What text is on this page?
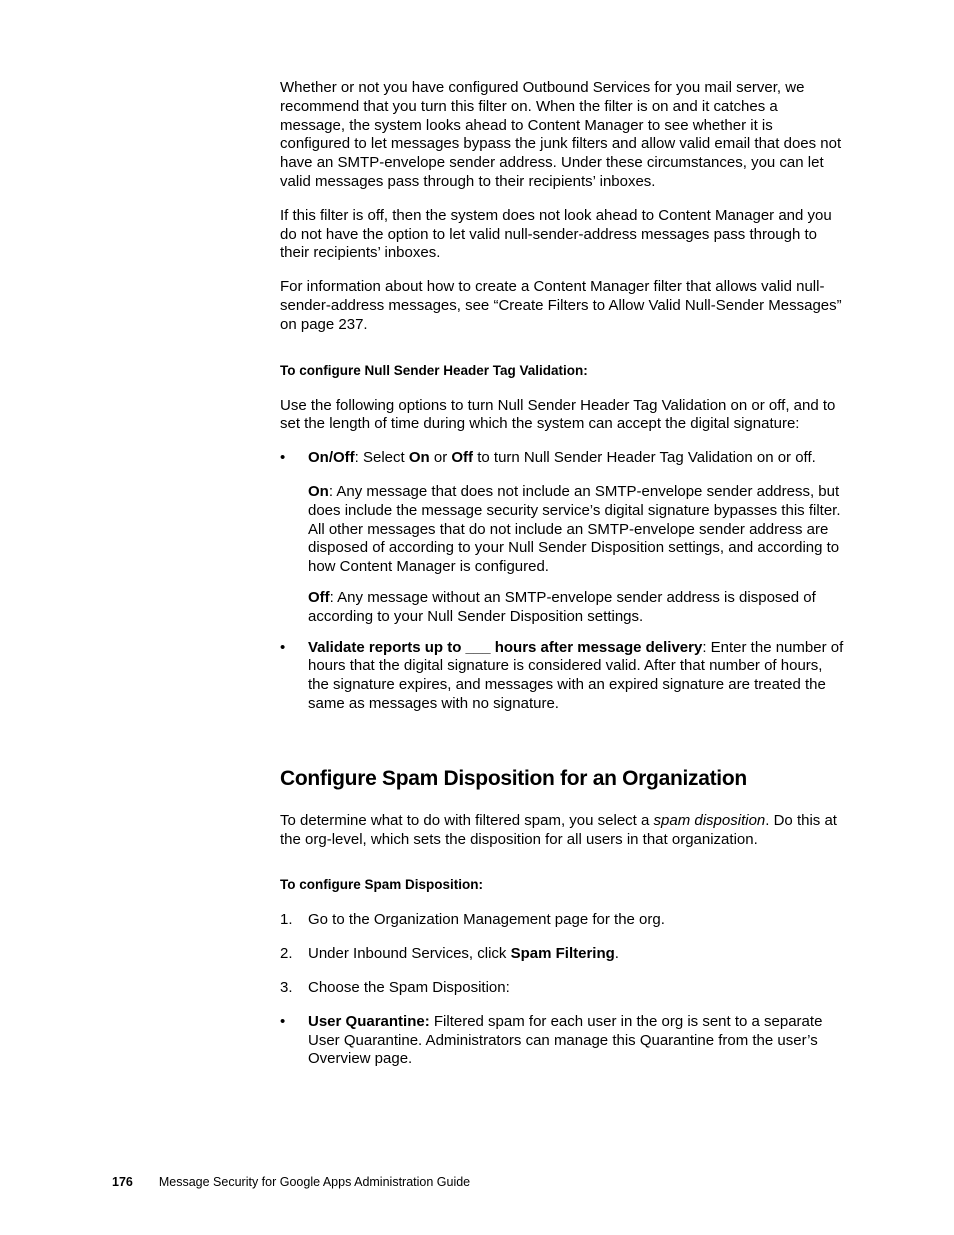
Whether or not you have configured Outbound Services for you mail server, we recommend that you turn this filter on. When the filter is on and it catches a message, the system looks ahead to Content Manager to see whether it is configured to let messages bypass the junk filters and allow valid email that does not have an SMTP-envelope sender address. Under these circumstances, you can let valid messages pass through to their recipients’ inboxes.

If this filter is off, then the system does not look ahead to Content Manager and you do not have the option to let valid null-sender-address messages pass through to their recipients’ inboxes.

For information about how to create a Content Manager filter that allows valid null-sender-address messages, see “Create Filters to Allow Valid Null-Sender Messages” on page 237.

To configure Null Sender Header Tag Validation:

Use the following options to turn Null Sender Header Tag Validation on or off, and to set the length of time during which the system can accept the digital signature:

• On/Off: Select On or Off to turn Null Sender Header Tag Validation on or off.

On: Any message that does not include an SMTP-envelope sender address, but does include the message security service’s digital signature bypasses this filter. All other messages that do not include an SMTP-envelope sender address are disposed of according to your Null Sender Disposition settings, and according to how Content Manager is configured.

Off: Any message without an SMTP-envelope sender address is disposed of according to your Null Sender Disposition settings.

• Validate reports up to ___ hours after message delivery: Enter the number of hours that the digital signature is considered valid. After that number of hours, the signature expires, and messages with an expired signature are treated the same as messages with no signature.

Configure Spam Disposition for an Organization

To determine what to do with filtered spam, you select a spam disposition. Do this at the org-level, which sets the disposition for all users in that organization.

To configure Spam Disposition:

1. Go to the Organization Management page for the org.

2. Under Inbound Services, click Spam Filtering.

3. Choose the Spam Disposition:

• User Quarantine: Filtered spam for each user in the org is sent to a separate User Quarantine. Administrators can manage this Quarantine from the user’s Overview page.

176 Message Security for Google Apps Administration Guide
